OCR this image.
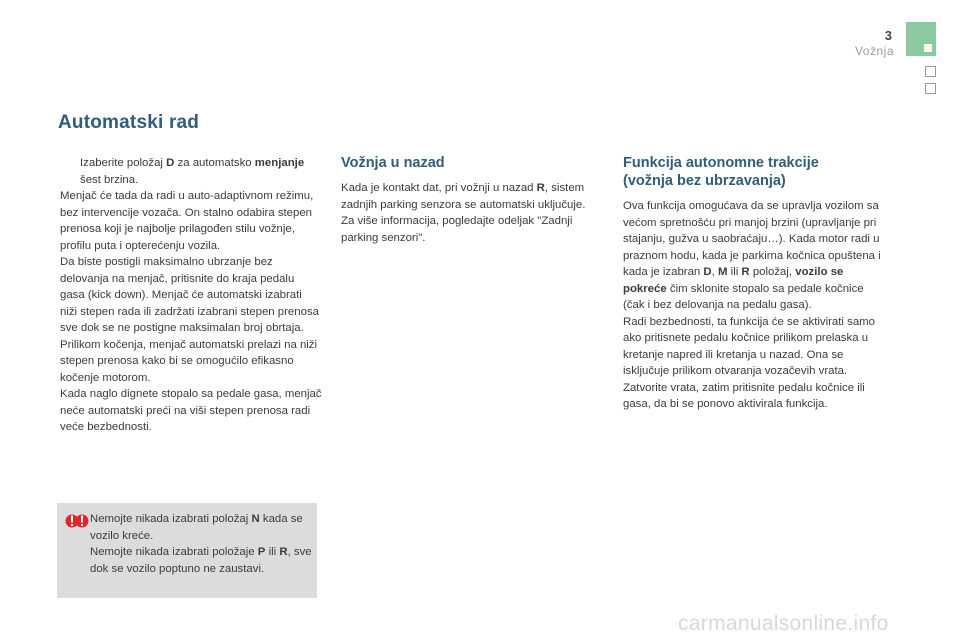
3
Vožnja
Automatski rad

Izaberite položaj D za automatsko menjanje šest brzina.

Menjač će tada da radi u auto-adaptivnom režimu, bez intervencije vozača. On stalno odabira stepen prenosa koji je najbolje prilagođen stilu vožnje, profilu puta i opterećenju vozila.

Da biste postigli maksimalno ubrzanje bez delovanja na menjač, pritisnite do kraja pedalu gasa (kick down). Menjač će automatski izabrati niži stepen rada ili zadržati izabrani stepen prenosa sve dok se ne postigne maksimalan broj obrtaja.

Prilikom kočenja, menjač automatski prelazi na niži stepen prenosa kako bi se omogućilo efikasno kočenje motorom.

Kada naglo dignete stopalo sa pedale gasa, menjač neće automatski preći na viši stepen prenosa radi veće bezbednosti.

Nemojte nikada izabrati položaj N kada se vozilo kreće.

Nemojte nikada izabrati položaje P ili R, sve dok se vozilo poptuno ne zaustavi.

Vožnja u nazad

Kada je kontakt dat, pri vožnji u nazad R, sistem zadnjih parking senzora se automatski uključuje.

Za više informacija, pogledajte odeljak "Zadnji parking senzori".

Funkcija autonomne trakcije
(vožnja bez ubrzavanja)

Ova funkcija omogućava da se upravlja vozilom sa većom spretnošću pri manjoj brzini (upravljanje pri stajanju, gužva u saobraćaju…). Kada motor radi u praznom hodu, kada je parkirna kočnica opuštena i kada je izabran D, M ili R položaj, vozilo se pokreće čim sklonite stopalo sa pedale kočnice (čak i bez delovanja na pedalu gasa).

Radi bezbednosti, ta funkcija će se aktivirati samo ako pritisnete pedalu kočnice prilikom prelaska u kretanje napred ili kretanja u nazad. Ona se isključuje prilikom otvaranja vozačevih vrata.

Zatvorite vrata, zatim pritisnite pedalu kočnice ili gasa, da bi se ponovo aktivirala funkcija.

carmanualsonline.info
